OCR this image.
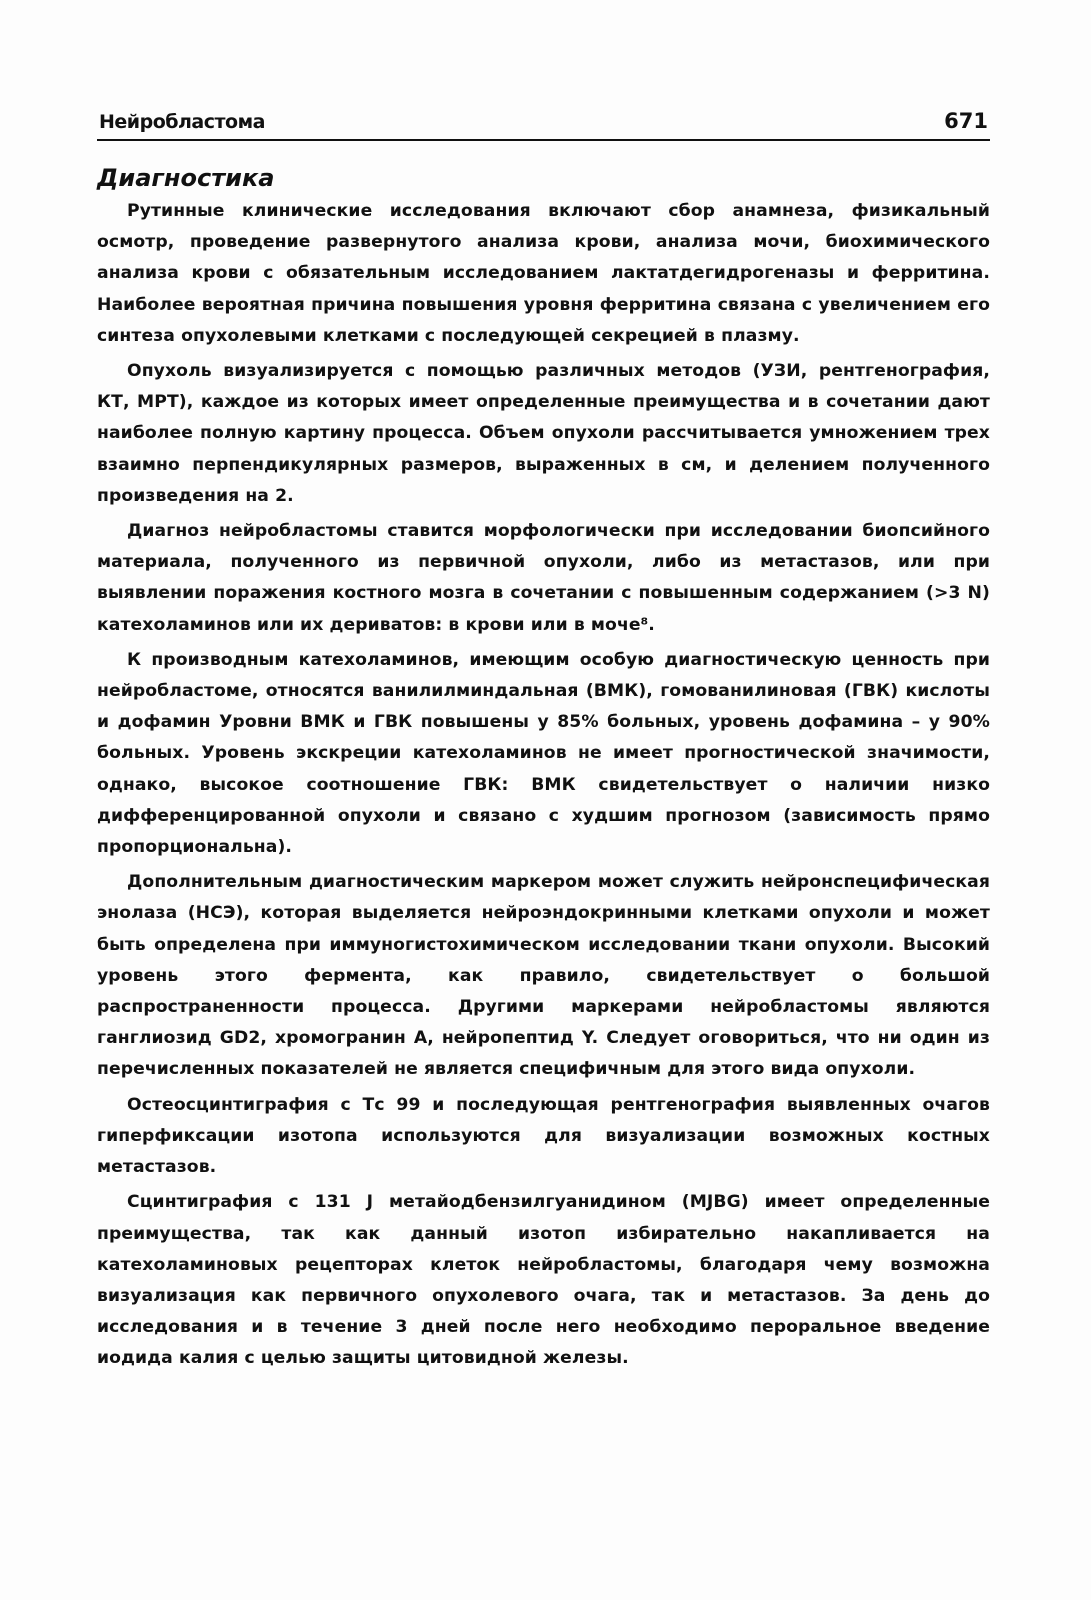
Нейробластома	671
Диагностика

Рутинные клинические исследования включают сбор анамнеза, физикальный осмотр, проведение развернутого анализа крови, анализа мочи, биохимического анализа крови с обязательным исследованием лактатдегидрогеназы и ферритина. Наиболее вероятная причина повышения уровня ферритина связана с увеличением его синтеза опухолевыми клетками с последующей секрецией в плазму.

Опухоль визуализируется с помощью различных методов (УЗИ, рентгенография, КТ, МРТ), каждое из которых имеет определенные преимущества и в сочетании дают наиболее полную картину процесса. Объем опухоли рассчитывается умножением трех взаимно перпендикулярных размеров, выраженных в см, и делением полученного произведения на 2.

Диагноз нейробластомы ставится морфологически при исследовании биопсийного материала, полученного из первичной опухоли, либо из метастазов, или при выявлении поражения костного мозга в сочетании с повышенным содержанием (>3 N) катехоламинов или их дериватов: в крови или в моче⁸.

К производным катехоламинов, имеющим особую диагностическую ценность при нейробластоме, относятся ванилилминдальная (ВМК), гомованилиновая (ГВК) кислоты и дофамин Уровни ВМК и ГВК повышены у 85% больных, уровень дофамина – у 90% больных. Уровень экскреции катехоламинов не имеет прогностической значимости, однако, высокое соотношение ГВК: ВМК свидетельствует о наличии низко дифференцированной опухоли и связано с худшим прогнозом (зависимость прямо пропорциональна).

Дополнительным диагностическим маркером может служить нейронспецифическая энолаза (НСЭ), которая выделяется нейроэндокринными клетками опухоли и может быть определена при иммуногистохимическом исследовании ткани опухоли. Высокий уровень этого фермента, как правило, свидетельствует о большой распространенности процесса. Другими маркерами нейробластомы являются ганглиозид GD2, хромогранин А, нейропептид Y. Следует оговориться, что ни один из перечисленных показателей не является специфичным для этого вида опухоли.

Остеосцинтиграфия с Тс 99 и последующая рентгенография выявленных очагов гиперфиксации изотопа используются для визуализации возможных костных метастазов.

Сцинтиграфия с 131 J метайодбензилгуанидином (MJBG) имеет определенные преимущества, так как данный изотоп избирательно накапливается на катехоламиновых рецепторах клеток нейробластомы, благодаря чему возможна визуализация как первичного опухолевого очага, так и метастазов. За день до исследования и в течение 3 дней после него необходимо пероральное введение иодида калия с целью защиты цитовидной железы.
